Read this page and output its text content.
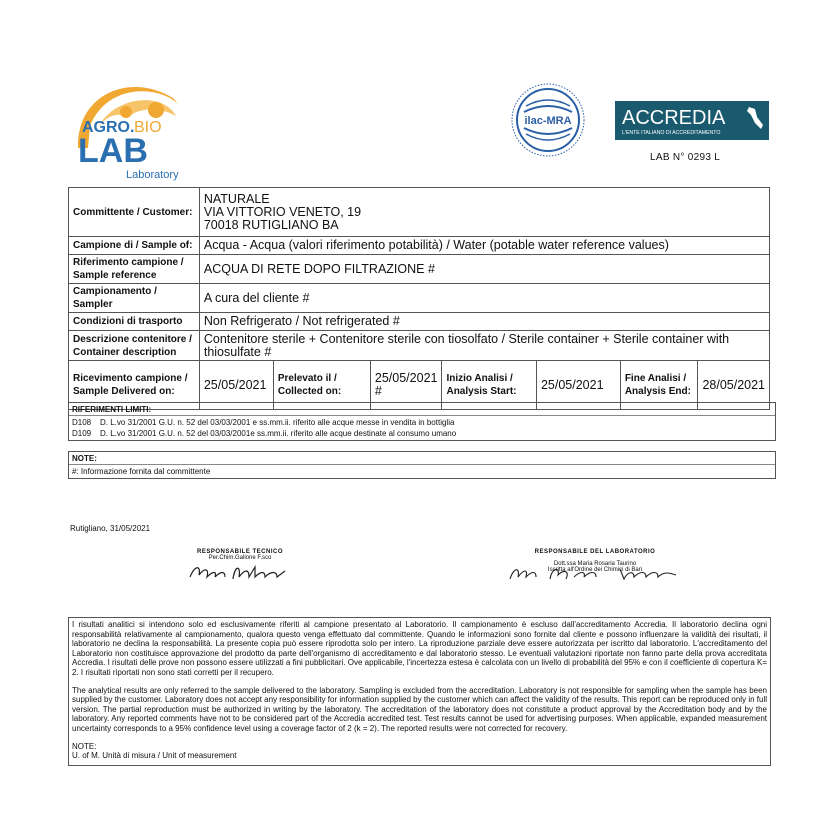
AGRO. BIO
LAB
Laboratory
ilac-MRA	ACCREDIA
L'ENTE ITALIANO DI ACCREDITAMENTO
LAB N° 0293 L
Committente / Customer:	NATURALE
VIA VITTORIO VENETO, 19
70018 RUTIGLIANO BA						

Campione di / Sample of:	Acqua - Acqua (valori riferimento potabilità) / Water (potable water reference values)						
Riferimento campione / Sample reference	ACQUA DI RETE DOPO FILTRAZIONE #						
Campionamento / Sampler	A cura del cliente #						
Condizioni di trasporto	Non Refrigerato / Not refrigerated #						
Descrizione contenitore / Container description	Contenitore sterile + Contenitore sterile con tiosolfato / Sterile container + Sterile container with thiosulfate #						
Ricevimento campione / Sample Delivered on:	25/05/2021	Prelevato il / Collected on:	25/05/2021 #	Inizio Analisi / Analysis Start:	25/05/2021	Fine Analisi / Analysis End:	28/05/2021
RIFERIMENTI LIMITI:
D108	D. L.vo 31/2001 G.U. n. 52 del 03/03/2001 e ss.mm.ii. riferito alle acque messe in vendita in bottiglia
D109	D. L.vo 31/2001 G.U. n. 52 del 03/03/2001e ss.mm.ii. riferito alle acque destinate al consumo umano
NOTE:
#: Informazione fornita dal committente
Rutigliano, 31/05/2021
RESPONSABILE TECNICO
Per.Chim.Gallone F.sco
RESPONSABILE DEL LABORATORIO
Dott.ssa Maria Rosaria Taurino
Iscritta all'Ordine dei Chimici di Bari

I risultati analitici si intendono solo ed esclusivamente riferiti al campione presentato al Laboratorio. Il campionamento è escluso dall'accreditamento Accredia. Il laboratorio declina ogni responsabilità relativamente al campionamento, qualora questo venga effettuato dal committente. Quando le informazioni sono fornite dal cliente e possono influenzare la validità dei risultati, il laboratorio ne declina la responsabilità. La presente copia può essere riprodotta solo per intero. La riproduzione parziale deve essere autorizzata per iscritto dal laboratorio. L'accreditamento del Laboratorio non costituisce approvazione del prodotto da parte dell'organismo di accreditamento e dal laboratorio stesso. Le eventuali valutazioni riportate non fanno parte della prova accreditata Accredia. I risultati delle prove non possono essere utilizzati a fini pubblicitari. Ove applicabile, l'incertezza estesa è calcolata con un livello di probabilità del 95% e con il coefficiente di copertura K= 2. I risultati riportati non sono stati corretti per il recupero.

The analytical results are only referred to the sample delivered to the laboratory. Sampling is excluded from the accreditation. Laboratory is not responsible for sampling when the sample has been supplied by the customer. Laboratory does not accept any responsibility for information supplied by the customer which can affect the validity of the results. This report can be reproduced only in full version. The partial reproduction must be authorized in writing by the laboratory. The accreditation of the laboratory does not constitute a product approval by the Accreditation body and by the laboratory. Any reported comments have not to be considered part of the Accredia accredited test. Test results cannot be used for advertising purposes. When applicable, expanded measurement uncertainty corresponds to a 95% confidence level using a coverage factor of 2 (k = 2). The reported results were not corrected for recovery.

NOTE:
U. of M. Unità di misura / Unit of measurement
